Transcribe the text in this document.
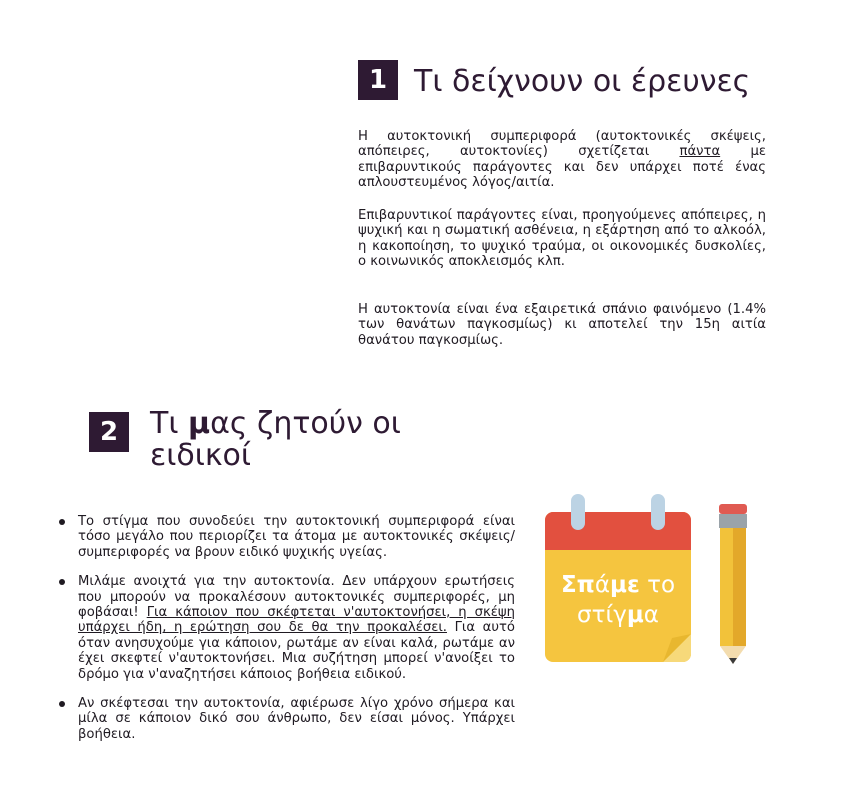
1 Τι δείχνουν οι έρευνες

Η αυτοκτονική συμπεριφορά (αυτοκτονικές σκέψεις, απόπειρες, αυτοκτονίες) σχετίζεται πάντα με επιβαρυντικούς παράγοντες και δεν υπάρχει ποτέ ένας απλουστευμένος λόγος/αιτία.

Επιβαρυντικοί παράγοντες είναι, προηγούμενες απόπειρες, η ψυχική και η σωματική ασθένεια, η εξάρτηση από το αλκοόλ, η κακοποίηση, το ψυχικό τραύμα, οι οικονομικές δυσκολίες, ο κοινωνικός αποκλεισμός κλπ.

Η αυτοκτονία είναι ένα εξαιρετικά σπάνιο φαινόμενο (1.4% των θανάτων παγκοσμίως) κι αποτελεί την 15η αιτία θανάτου παγκοσμίως.

2 Τι μας ζητούν οι
ειδικοί
Το στίγμα που συνοδεύει την αυτοκτονική συμπεριφορά είναι τόσο μεγάλο που περιορίζει τα άτομα με αυτοκτονικές σκέψεις/συμπεριφορές να βρουν ειδικό ψυχικής υγείας.
Μιλάμε ανοιχτά για την αυτοκτονία. Δεν υπάρχουν ερωτήσεις που μπορούν να προκαλέσουν αυτοκτονικές συμπεριφορές, μη φοβάσαι! Για κάποιον που σκέφτεται ν'αυτοκτονήσει, η σκέψη υπάρχει ήδη, η ερώτηση σου δε θα την προκαλέσει. Για αυτό όταν ανησυχούμε για κάποιον, ρωτάμε αν είναι καλά, ρωτάμε αν έχει σκεφτεί ν'αυτοκτονήσει. Μια συζήτηση μπορεί ν'ανοίξει το δρόμο για ν'αναζητήσει κάποιος βοήθεια ειδικού.
Αν σκέφτεσαι την αυτοκτονία, αφιέρωσε λίγο χρόνο σήμερα και μίλα σε κάποιον δικό σου άνθρωπο, δεν είσαι μόνος. Υπάρχει βοήθεια.
Σπάμε το
στίγμα
